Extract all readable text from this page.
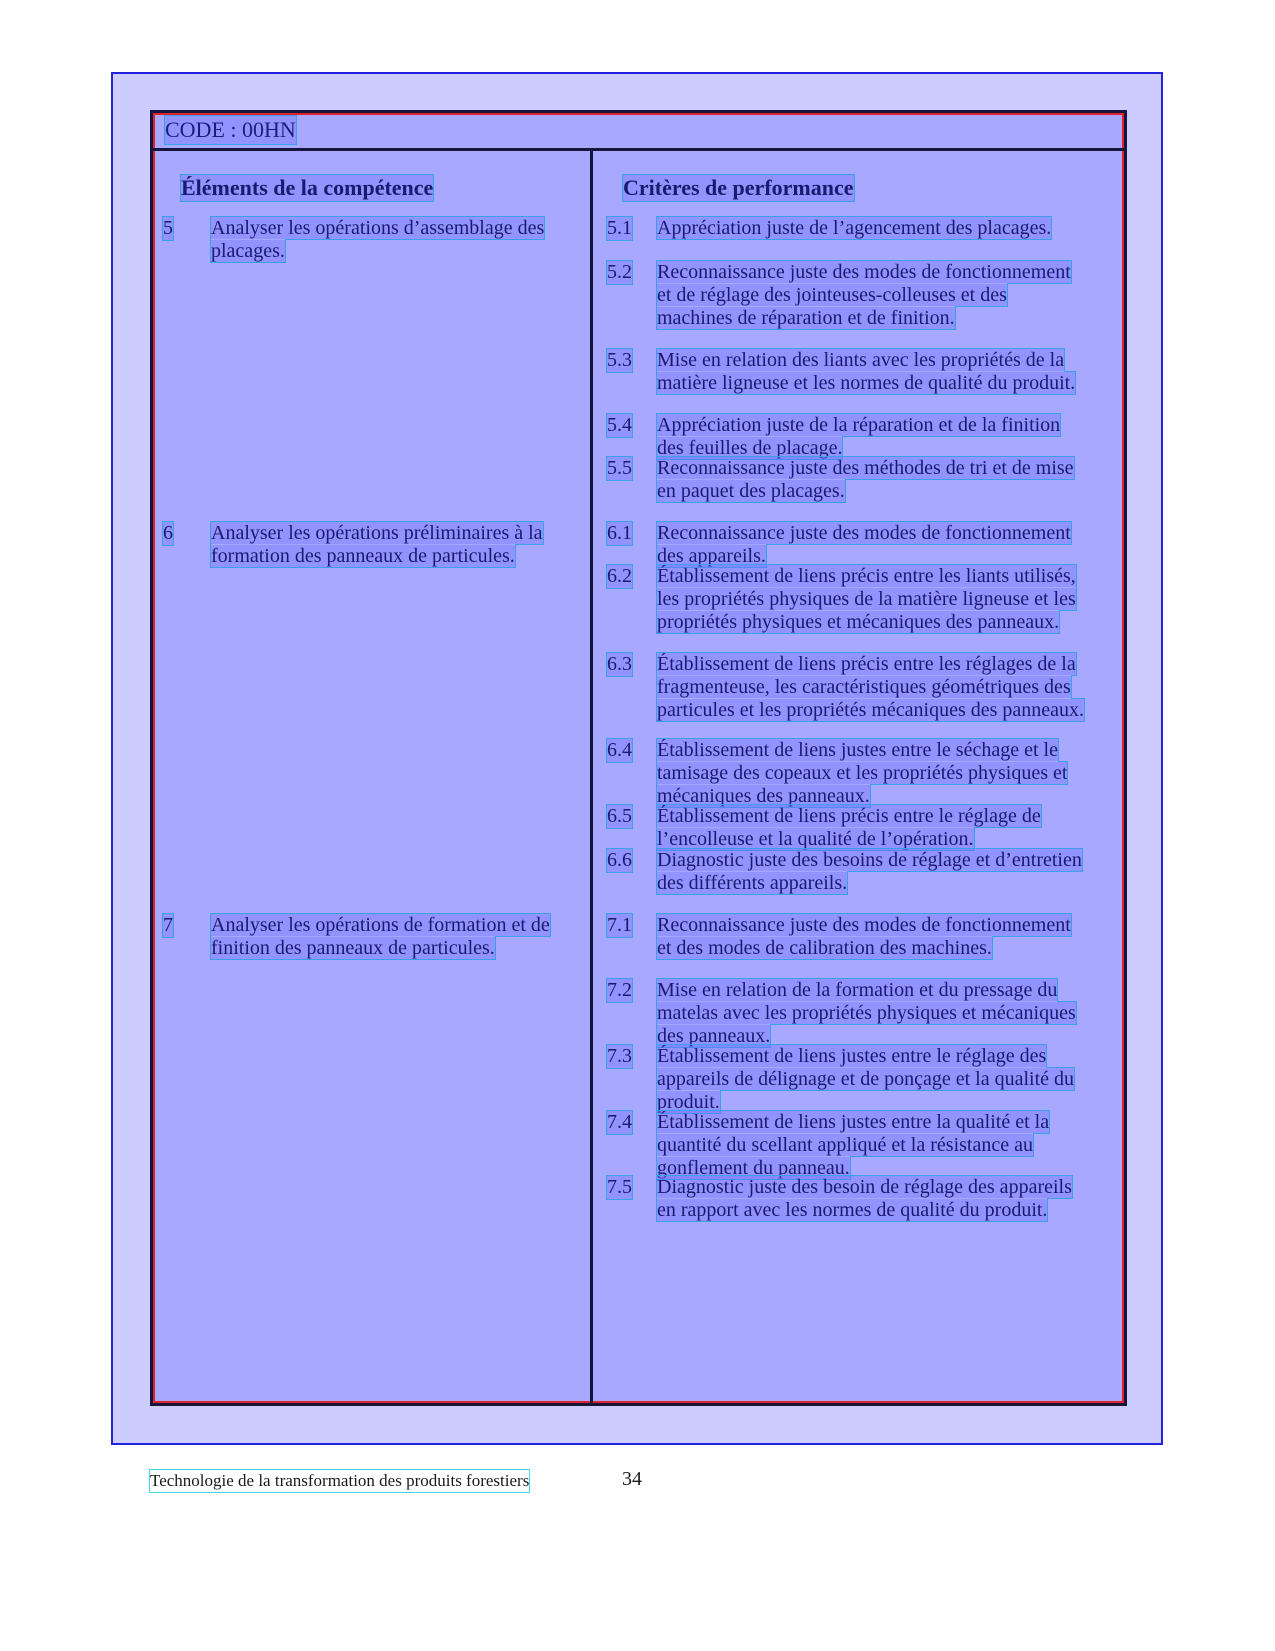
CODE : 00HN
Éléments de la compétence	Critères de performance
5 Analyser les opérations d’assemblage des placages.
6 Analyser les opérations préliminaires à la formation des panneaux de particules.
7 Analyser les opérations de formation et de finition des panneaux de particules.
5.1 Appréciation juste de l’agencement des placages.
5.2 Reconnaissance juste des modes de fonctionnement et de réglage des jointeuses-colleuses et des machines de réparation et de finition.
5.3 Mise en relation des liants avec les propriétés de la matière ligneuse et les normes de qualité du produit.
5.4 Appréciation juste de la réparation et de la finition des feuilles de placage.
5.5 Reconnaissance juste des méthodes de tri et de mise en paquet des placages.
6.1 Reconnaissance juste des modes de fonctionnement des appareils.
6.2 Établissement de liens précis entre les liants utilisés, les propriétés physiques de la matière ligneuse et les propriétés physiques et mécaniques des panneaux.
6.3 Établissement de liens précis entre les réglages de la fragmenteuse, les caractéristiques géométriques des particules et les propriétés mécaniques des panneaux.
6.4 Établissement de liens justes entre le séchage et le tamisage des copeaux et les propriétés physiques et mécaniques des panneaux.
6.5 Établissement de liens précis entre le réglage de l’encolleuse et la qualité de l’opération.
6.6 Diagnostic juste des besoins de réglage et d’entretien des différents appareils.
7.1 Reconnaissance juste des modes de fonctionnement et des modes de calibration des machines.
7.2 Mise en relation de la formation et du pressage du matelas avec les propriétés physiques et mécaniques des panneaux.
7.3 Établissement de liens justes entre le réglage des appareils de délignage et de ponçage et la qualité du produit.
7.4 Établissement de liens justes entre la qualité et la quantité du scellant appliqué et la résistance au gonflement du panneau.
7.5 Diagnostic juste des besoin de réglage des appareils en rapport avec les normes de qualité du produit.
Technologie de la transformation des produits forestiers	34
